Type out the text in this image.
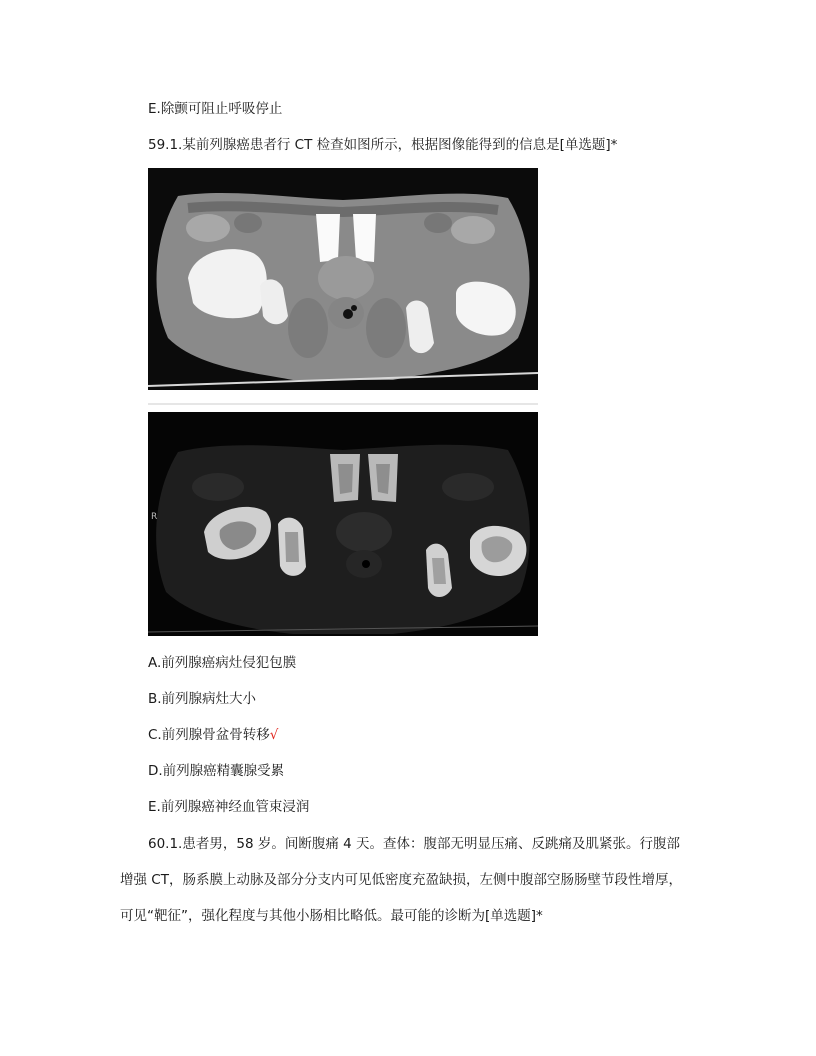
E.除颤可阻止呼吸停止
59.1.某前列腺癌患者行 CT 检查如图所示，根据图像能得到的信息是[单选题]*
R
A.前列腺癌病灶侵犯包膜
B.前列腺病灶大小
C.前列腺骨盆骨转移√
D.前列腺癌精囊腺受累
E.前列腺癌神经血管束浸润
60.1.患者男，58 岁。间断腹痛 4 天。查体：腹部无明显压痛、反跳痛及肌紧张。行腹部
增强 CT，肠系膜上动脉及部分分支内可见低密度充盈缺损，左侧中腹部空肠肠壁节段性增厚，
可见“靶征”，强化程度与其他小肠相比略低。最可能的诊断为[单选题]*
